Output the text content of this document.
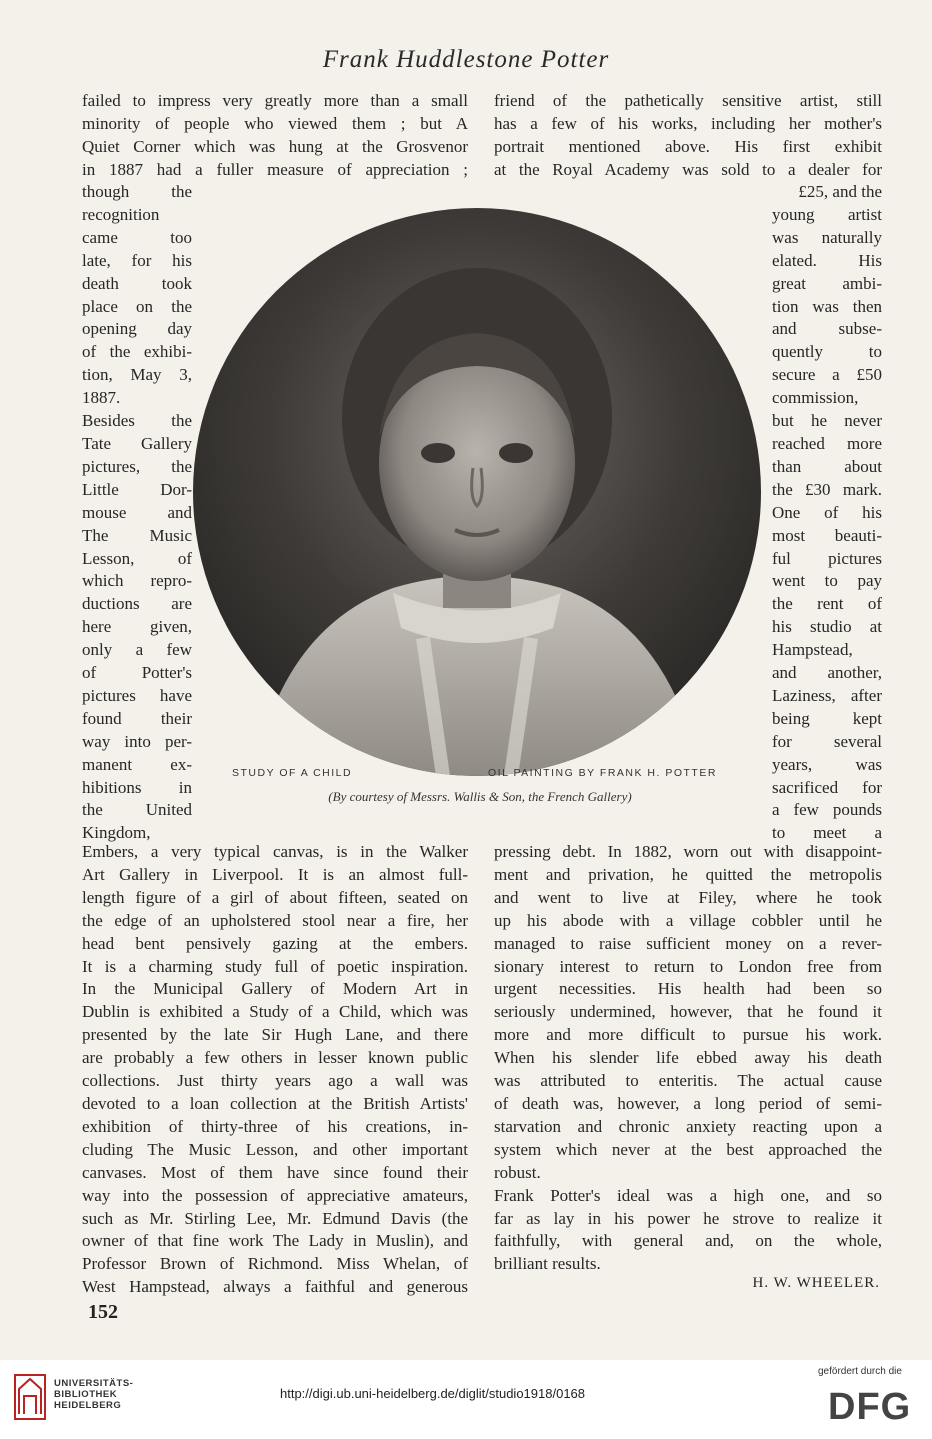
Frank Huddlestone Potter
failed to impress very greatly more than a small
minority of people who viewed them ; but A
Quiet Corner which was hung at the Grosvenor
in 1887 had a fuller measure of appreciation ;
friend of the pathetically sensitive artist, still
has a few of his works, including her mother's
portrait mentioned above. His first exhibit
at the Royal Academy was sold to a dealer for
though the
recognition
came too
late, for his
death took
place on the
opening day
of the exhibi-
tion, May 3,
1887.
Besides the
Tate Gallery
pictures, the
Little Dor-
mouse and
The Music
Lesson, of
which repro-
ductions are
here given,
only a few
of Potter's
pictures have
found their
way into per-
manent ex-
hibitions in
the United
Kingdom,
£25, and the
young artist
was naturally
elated. His
great ambi-
tion was then
and subse-
quently to
secure a £50
commission,
but he never
reached more
than about
the £30 mark.
One of his
most beauti-
ful pictures
went to pay
the rent of
his studio at
Hampstead,
and another,
Laziness, after
being kept
for several
years, was
sacrificed for
a few pounds
to meet a
STUDY OF A CHILD	OIL PAINTING BY FRANK H. POTTER
(By courtesy of Messrs. Wallis & Son, the French Gallery)
Embers, a very typical canvas, is in the Walker
Art Gallery in Liverpool. It is an almost full-
length figure of a girl of about fifteen, seated on
the edge of an upholstered stool near a fire, her
head bent pensively gazing at the embers.
It is a charming study full of poetic inspiration.
In the Municipal Gallery of Modern Art in
Dublin is exhibited a Study of a Child, which was
presented by the late Sir Hugh Lane, and there
are probably a few others in lesser known public
collections. Just thirty years ago a wall was
devoted to a loan collection at the British Artists'
exhibition of thirty-three of his creations, in-
cluding The Music Lesson, and other important
canvases. Most of them have since found their
way into the possession of appreciative amateurs,
such as Mr. Stirling Lee, Mr. Edmund Davis (the
owner of that fine work The Lady in Muslin), and
Professor Brown of Richmond. Miss Whelan, of
West Hampstead, always a faithful and generous
pressing debt. In 1882, worn out with disappoint-
ment and privation, he quitted the metropolis
and went to live at Filey, where he took
up his abode with a village cobbler until he
managed to raise sufficient money on a rever-
sionary interest to return to London free from
urgent necessities. His health had been so
seriously undermined, however, that he found it
more and more difficult to pursue his work.
When his slender life ebbed away his death
was attributed to enteritis. The actual cause
of death was, however, a long period of semi-
starvation and chronic anxiety reacting upon a
system which never at the best approached the
robust.
Frank Potter's ideal was a high one, and so
far as lay in his power he strove to realize it
faithfully, with general and, on the whole,
brilliant results.
H. W. WHEELER.
152
UNIVERSITÄTS-
BIBLIOTHEK
HEIDELBERG
http://digi.ub.uni-heidelberg.de/diglit/studio1918/0168
gefördert durch die
DFG
